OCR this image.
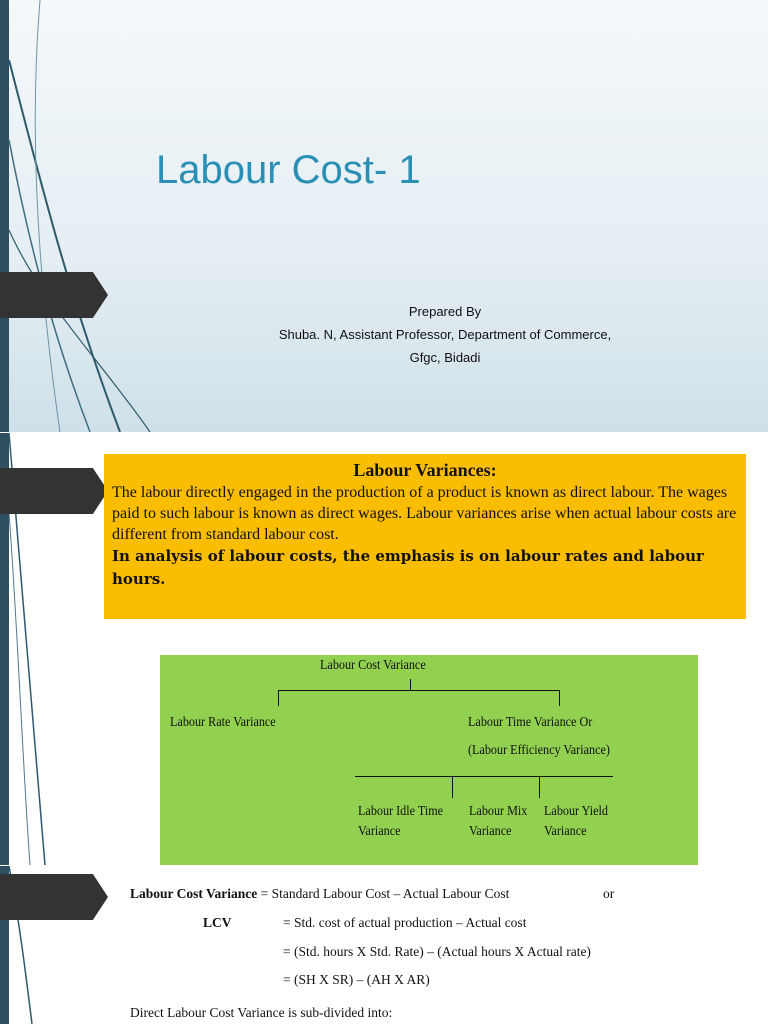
Labour Cost- 1
Prepared By
Shuba. N, Assistant Professor, Department of Commerce,
Gfgc, Bidadi
Labour Variances:

The labour directly engaged in the production of a product is known as direct labour. The wages paid to such labour is known as direct wages. Labour variances arise when actual labour costs are different from standard labour cost.

In analysis of labour costs, the emphasis is on labour rates and labour hours.

Labour Cost Variance
Labour Rate Variance	Labour Time Variance Or
(Labour Efficiency Variance)
Labour Idle Time
Variance
Labour Mix
Variance
Labour Yield
Variance
Labour Cost Variance = Standard Labour Cost – Actual Labour Cost	or
LCV	= Std. cost of actual production – Actual cost
= (Std. hours X Std. Rate) – (Actual hours X Actual rate)
= (SH X SR) – (AH X AR)
Direct Labour Cost Variance is sub-divided into:
